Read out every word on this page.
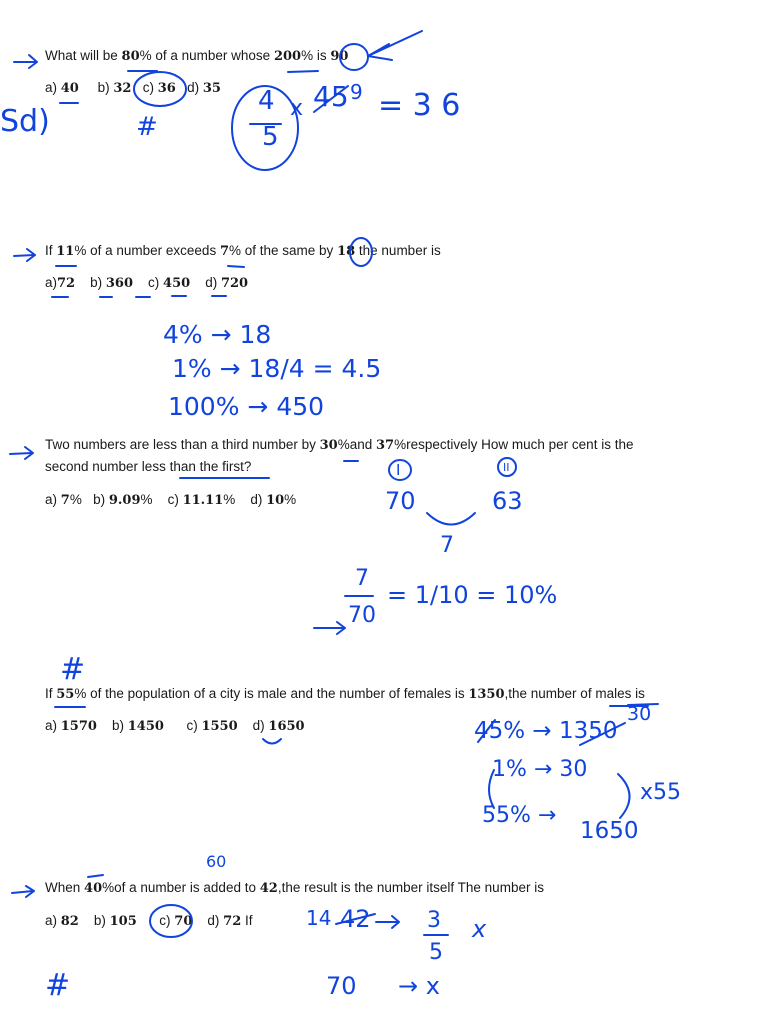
What will be 80% of a number whose 200% is 90
a) 40 b) 32 c) 36 d) 35
If 11% of a number exceeds 7% of the same by 18 the number is
a)72 b) 360 c) 450 d) 720
Two numbers are less than a third number by 30%and 37%respectively How much per cent is the
second number less than the first?
a) 7% b) 9.09% c) 11.11% d) 10%
If 55% of the population of a city is male and the number of females is 1350,the number of males is
a) 1570 b) 1450 c) 1550 d) 1650
When 40%of a number is added to 42,the result is the number itself The number is
a) 82 b) 105 c) 70 d) 72 If
Sd)	#
4
5
x 45 9 = 3 6
4% → 18
1% → 18/4 = 4.5
100% → 450
I	II
70	63
7
7
70
= 1/10 = 10%
#
45% → 1350
30
1% → 30
55% →
x55
1650
60
14 42	3
5
x
#	70 → x
